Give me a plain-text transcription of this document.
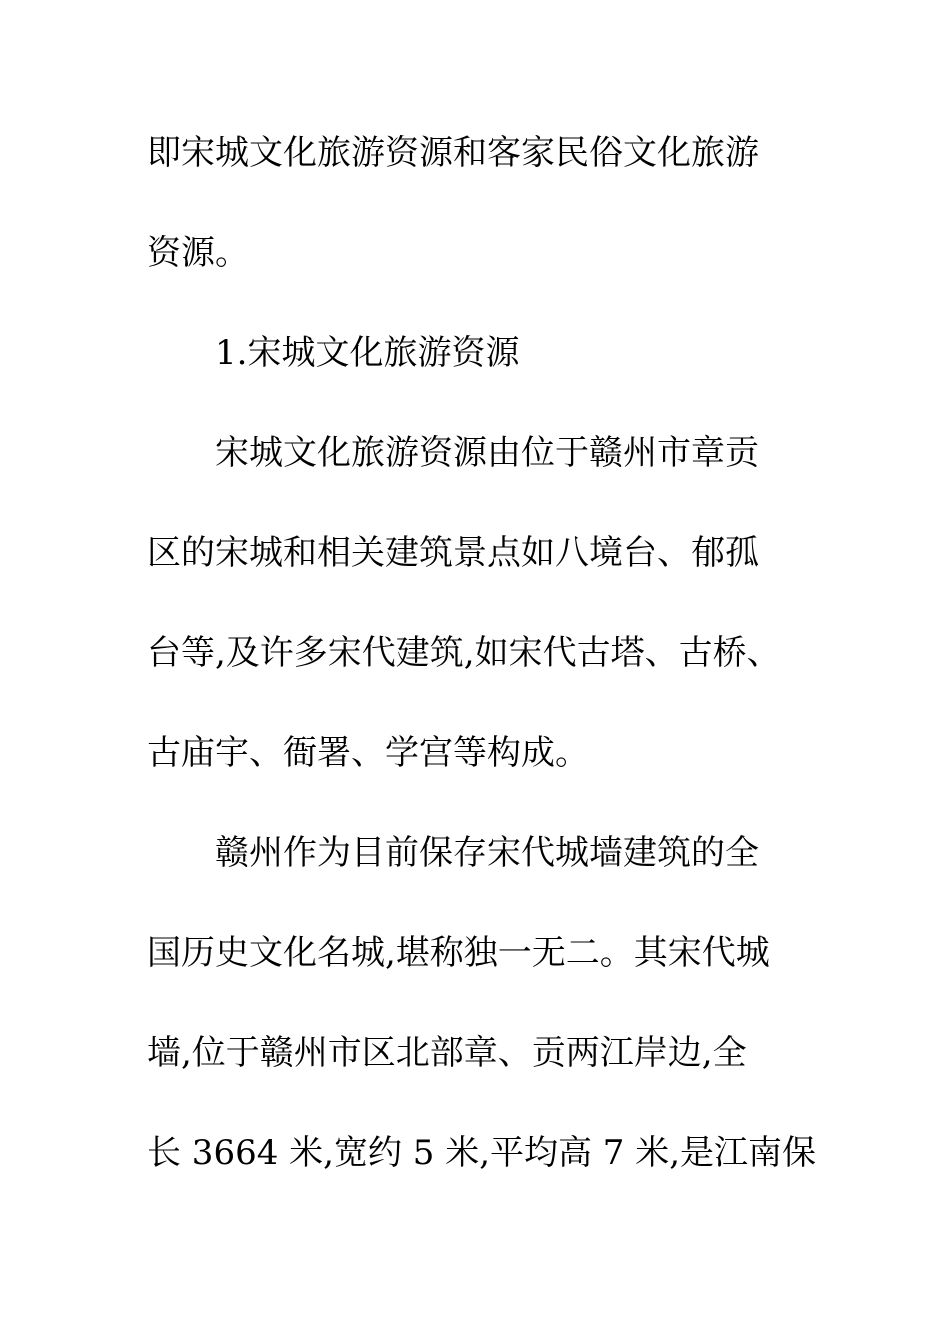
即宋城文化旅游资源和客家民俗文化旅游
资源。
1.宋城文化旅游资源
宋城文化旅游资源由位于赣州市章贡
区的宋城和相关建筑景点如八境台、郁孤
台等,及许多宋代建筑,如宋代古塔、古桥、
古庙宇、衙署、学宫等构成。
赣州作为目前保存宋代城墙建筑的全
国历史文化名城,堪称独一无二。其宋代城
墙,位于赣州市区北部章、贡两江岸边,全
长 3664 米,宽约 5 米,平均高 7 米,是江南保
